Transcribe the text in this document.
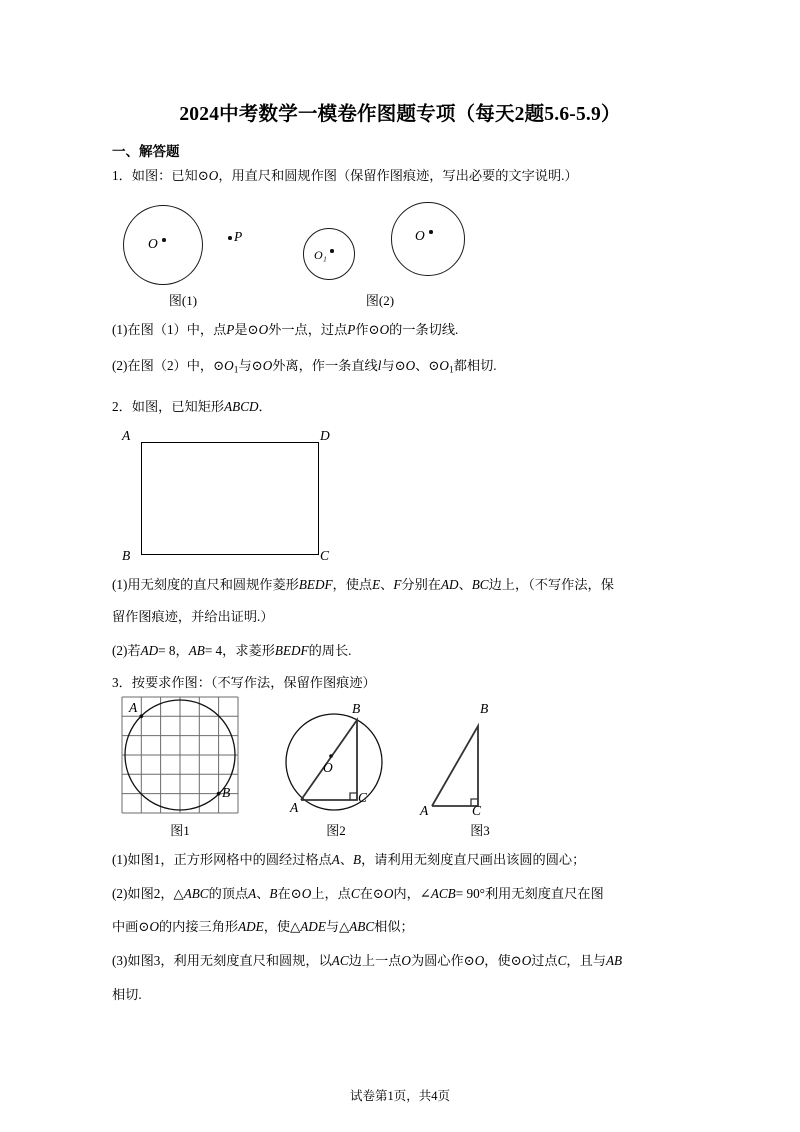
2024中考数学一模卷作图题专项（每天2题5.6-5.9）
一、解答题
1．如图：已知⊙O，用直尺和圆规作图（保留作图痕迹，写出必要的文字说明.）
O	P
图(1)
O₁
O
图(2)
(1)在图（1）中，点P是⊙O外一点，过点P作⊙O的一条切线.
(2)在图（2）中，$⊙O_1$与⊙O外离，作一条直线l与⊙O、$⊙O_1$都相切.
2．如图，已知矩形ABCD．
A	D
B	C
(1)用无刻度的直尺和圆规作菱形BEDF，使点E、F分别在AD、BC边上，（不写作法，保
留作图痕迹，并给出证明.）
(2)若AD= 8，AB= 4，求菱形BEDF的周长.
3．按要求作图：（不写作法，保留作图痕迹）
A
B
图1
B
O
A
C
图2
B
A	C
图3
(1)如图1，正方形网格中的圆经过格点A、B，请利用无刻度直尺画出该圆的圆心；
(2)如图2，△ABC的顶点A、B在⊙O上，点C在⊙O内，∠ACB= 90°利用无刻度直尺在图
中画⊙O的内接三角形ADE，使△ADE与△ABC相似；
(3)如图3，利用无刻度直尺和圆规，以AC边上一点O为圆心作⊙O，使⊙O过点C，且与AB
相切.
试卷第1页，共4页
